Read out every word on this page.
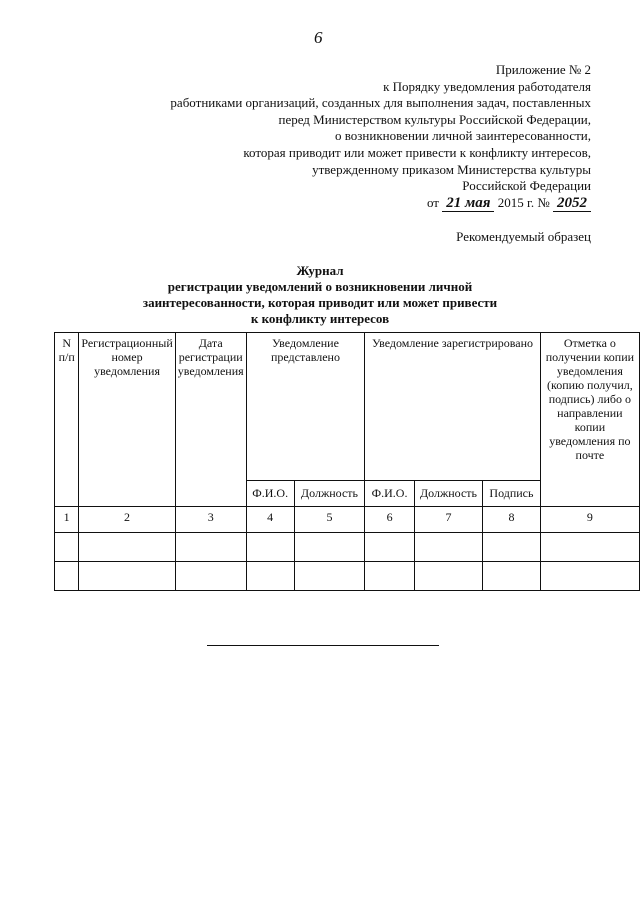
6
Приложение № 2
к Порядку уведомления работодателя
работниками организаций, созданных для выполнения задач, поставленных
перед Министерством культуры Российской Федерации,
о возникновении личной заинтересованности,
которая приводит или может привести к конфликту интересов,
утвержденному приказом Министерства культуры
Российской Федерации
от 21 мая 2015 г. № 2052
Рекомендуемый образец
Журнал
регистрации уведомлений о возникновении личной
заинтересованности, которая приводит или может привести
к конфликту интересов
N п/п	Регистрационный номер уведомления	Дата регистрации уведомления	Уведомление представлено		Уведомление зарегистрировано			Отметка о получении копии уведомления (копию получил, подпись) либо о направлении копии уведомления по почте
			Ф.И.О.	Должность	Ф.И.О.	Должность	Подпись	
1	2	3	4	5	6	7	8	9
